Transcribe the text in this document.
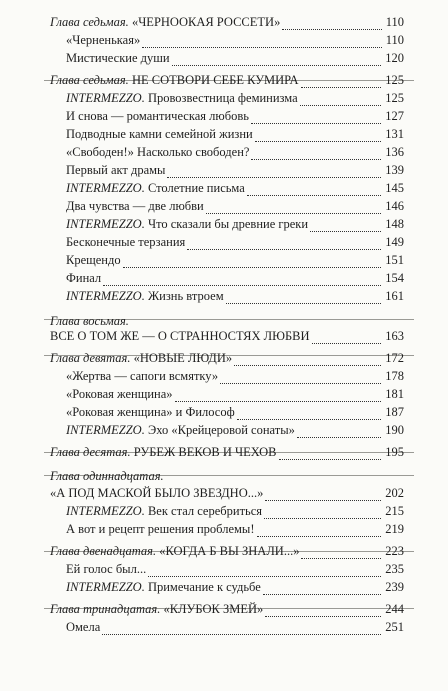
Глава седьмая. «ЧЕРНООКАЯ РОССЕТИ»	110
«Черненькая»	110
Мистические души	120
Глава седьмая. НЕ СОТВОРИ СЕБЕ КУМИРА	125
INTERMEZZO. Провозвестница феминизма	125
И снова — романтическая любовь	127
Подводные камни семейной жизни	131
«Свободен!» Насколько свободен?	136
Первый акт драмы	139
INTERMEZZO. Столетние письма	145
Два чувства — две любви	146
INTERMEZZO. Что сказали бы древние греки	148
Бесконечные терзания	149
Крещендо	151
Финал	154
INTERMEZZO. Жизнь втроем	161
Глава восьмая.
ВСЕ О ТОМ ЖЕ — О СТРАННОСТЯХ ЛЮБВИ	163
Глава девятая. «НОВЫЕ ЛЮДИ»	172
«Жертва — сапоги всмятку»	178
«Роковая женщина»	181
«Роковая женщина» и Философ	187
INTERMEZZO. Эхо «Крейцеровой сонаты»	190
Глава десятая. РУБЕЖ ВЕКОВ И ЧЕХОВ	195
Глава одиннадцатая.
«А ПОД МАСКОЙ БЫЛО ЗВЕЗДНО...»	202
INTERMEZZO. Век стал серебриться	215
А вот и рецепт решения проблемы!	219
Глава двенадцатая. «КОГДА Б ВЫ ЗНАЛИ...»	223
Ей голос был...	235
INTERMEZZO. Примечание к судьбе	239
Глава тринадцатая. «КЛУБОК ЗМЕЙ»	244
Омела	251
